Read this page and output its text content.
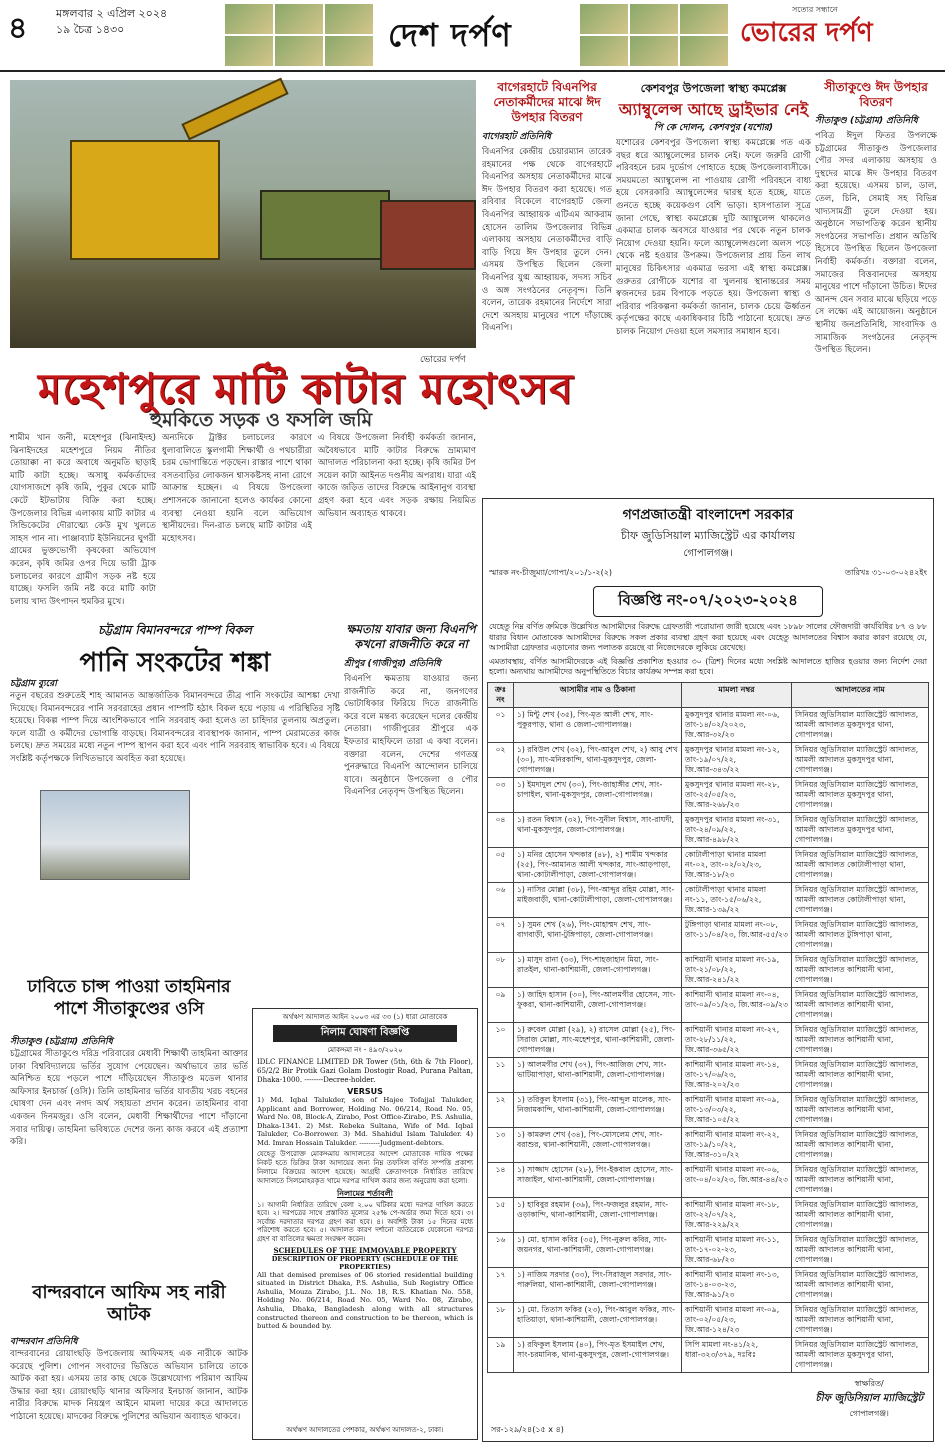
৪	মঙ্গলবার ২ এপ্রিল ২০২৪
১৯ চৈত্র ১৪৩০	দেশ দর্পণ
সত্যের সন্ধানে
ভোরের দর্পণ
ভোরের দর্পণ
বাগেরহাটে বিএনপির নেতাকর্মীদের মাঝে ঈদ উপহার বিতরণ
বাগেরহাট প্রতিনিধি
বিএনপির কেন্দ্রীয় চেয়ারম্যান তারেক রহমানের পক্ষ থেকে বাগেরহাটে বিএনপির অসহায় নেতাকর্মীদের মাঝে ঈদ উপহার বিতরণ করা হয়েছে। গত রবিবার বিকেলে বাগেরহাট জেলা বিএনপির আহ্বায়ক এটিএম আকরাম হোসেন তালিম উপজেলার বিভিন্ন এলাকায় অসহায় নেতাকর্মীদের বাড়ি বাড়ি গিয়ে ঈদ উপহার তুলে দেন। এসময় উপস্থিত ছিলেন জেলা বিএনপির যুগ্ম আহ্বায়ক, সদস্য সচিব ও অঙ্গ সংগঠনের নেতৃবৃন্দ। তিনি বলেন, তারেক রহমানের নির্দেশে সারা দেশে অসহায় মানুষের পাশে দাঁড়াচ্ছে বিএনপি।
কেশবপুর উপজেলা স্বাস্থ্য কমপ্লেক্স
অ্যাম্বুলেন্স আছে ড্রাইভার নেই
পি কে দোলন, কেশবপুর (যশোর)
যশোরের কেশবপুর উপজেলা স্বাস্থ্য কমপ্লেক্সে গত এক বছর ধরে অ্যাম্বুলেন্সের চালক নেই। ফলে জরুরি রোগী পরিবহনে চরম দুর্ভোগ পোহাতে হচ্ছে উপজেলাবাসীকে। সময়মতো অ্যাম্বুলেন্স না পাওয়ায় রোগী পরিবহনে বাধ্য হয়ে বেসরকারি অ্যাম্বুলেন্সের দ্বারস্থ হতে হচ্ছে, যাতে গুনতে হচ্ছে কয়েকগুণ বেশি ভাড়া। হাসপাতাল সূত্রে জানা গেছে, স্বাস্থ্য কমপ্লেক্সে দুটি অ্যাম্বুলেন্স থাকলেও একমাত্র চালক অবসরে যাওয়ার পর থেকে নতুন চালক নিয়োগ দেওয়া হয়নি। ফলে অ্যাম্বুলেন্সগুলো অলস পড়ে থেকে নষ্ট হওয়ার উপক্রম। উপজেলার প্রায় তিন লাখ মানুষের চিকিৎসার একমাত্র ভরসা এই স্বাস্থ্য কমপ্লেক্স। গুরুতর রোগীকে যশোর বা খুলনায় স্থানান্তরের সময় স্বজনদের চরম বিপাকে পড়তে হয়। উপজেলা স্বাস্থ্য ও পরিবার পরিকল্পনা কর্মকর্তা জানান, চালক চেয়ে ঊর্ধ্বতন কর্তৃপক্ষের কাছে একাধিকবার চিঠি পাঠানো হয়েছে। দ্রুত চালক নিয়োগ দেওয়া হলে সমস্যার সমাধান হবে।
সীতাকুণ্ডে ঈদ উপহার বিতরণ
সীতাকুণ্ড (চট্টগ্রাম) প্রতিনিধি
পবিত্র ঈদুল ফিতর উপলক্ষে চট্টগ্রামের সীতাকুণ্ড উপজেলার পৌর সদর এলাকায় অসহায় ও দুস্থদের মাঝে ঈদ উপহার বিতরণ করা হয়েছে। এসময় চাল, ডাল, তেল, চিনি, সেমাই সহ বিভিন্ন খাদ্যসামগ্রী তুলে দেওয়া হয়। অনুষ্ঠানে সভাপতিত্ব করেন স্থানীয় সংগঠনের সভাপতি। প্রধান অতিথি হিসেবে উপস্থিত ছিলেন উপজেলা নির্বাহী কর্মকর্তা। বক্তারা বলেন, সমাজের বিত্তবানদের অসহায় মানুষের পাশে দাঁড়ানো উচিত। ঈদের আনন্দ যেন সবার মাঝে ছড়িয়ে পড়ে সে লক্ষ্যে এই আয়োজন। অনুষ্ঠানে স্থানীয় জনপ্রতিনিধি, সাংবাদিক ও সামাজিক সংগঠনের নেতৃবৃন্দ উপস্থিত ছিলেন।
মহেশপুরে মাটি কাটার মহোৎসব
হুমকিতে সড়ক ও ফসলি জমি
শামীম খান জনী, মহেশপুর (ঝিনাইদহ) ঝিনাইদহের মহেশপুরে নিয়ম নীতির তোয়াক্কা না করে অবাধে অনুমতি ছাড়াই মাটি কাটা হচ্ছে। অসাধু কর্মকর্তাদের যোগসাজশে কৃষি জমি, পুকুর থেকে মাটি কেটে ইটভাটায় বিক্রি করা হচ্ছে। উপজেলার বিভিন্ন এলাকায় মাটি কাটার এ সিন্ডিকেটের দৌরাত্ম্যে কেউ মুখ খুলতে সাহস পান না। পাঞ্জাব্যাট ইউনিয়নের ঘুগরী গ্রামের ভুক্তভোগী কৃষকেরা অভিযোগ করেন, কৃষি জমির ওপর দিয়ে ভারী ট্রাক চলাচলের কারণে গ্রামীণ সড়ক নষ্ট হয়ে যাচ্ছে। ফসলি জমি নষ্ট করে মাটি কাটা চলায় খাদ্য উৎপাদন হুমকির মুখে।
অন্যদিকে ট্রাক্টর চলাচলের কারণে ধুলাবালিতে স্কুলগামী শিক্ষার্থী ও পথচারীরা চরম ভোগান্তিতে পড়ছেন। রাস্তার পাশে থাকা বসতবাড়ির লোকজন শ্বাসকষ্টসহ নানা রোগে আক্রান্ত হচ্ছেন। এ বিষয়ে উপজেলা প্রশাসনকে জানানো হলেও কার্যকর কোনো ব্যবস্থা নেওয়া হয়নি বলে অভিযোগ স্থানীয়দের। দিন-রাত চলছে মাটি কাটার এই মহোৎসব।
এ বিষয়ে উপজেলা নির্বাহী কর্মকর্তা জানান, অবৈধভাবে মাটি কাটার বিরুদ্ধে ভ্রাম্যমাণ আদালত পরিচালনা করা হচ্ছে। কৃষি জমির টপ সয়েল কাটা আইনত দণ্ডনীয় অপরাধ। যারা এই কাজে জড়িত তাদের বিরুদ্ধে আইনানুগ ব্যবস্থা গ্রহণ করা হবে এবং সড়ক রক্ষায় নিয়মিত অভিযান অব্যাহত থাকবে।
চট্টগ্রাম বিমানবন্দরে পাম্প বিকল
পানি সংকটের শঙ্কা
চট্টগ্রাম ব্যুরো
নতুন বছরের শুরুতেই শাহ আমানত আন্তর্জাতিক বিমানবন্দরে তীব্র পানি সংকটের আশঙ্কা দেখা দিয়েছে। বিমানবন্দরের পানি সরবরাহের প্রধান পাম্পটি হঠাৎ বিকল হয়ে পড়ায় এ পরিস্থিতির সৃষ্টি হয়েছে। বিকল্প পাম্প দিয়ে আংশিকভাবে পানি সরবরাহ করা হলেও তা চাহিদার তুলনায় অপ্রতুল। ফলে যাত্রী ও কর্মীদের ভোগান্তি বাড়ছে। বিমানবন্দরের ব্যবস্থাপক জানান, পাম্প মেরামতের কাজ চলছে। দ্রুত সময়ের মধ্যে নতুন পাম্প স্থাপন করা হবে এবং পানি সরবরাহ স্বাভাবিক হবে। এ বিষয়ে সংশ্লিষ্ট কর্তৃপক্ষকে লিখিতভাবে অবহিত করা হয়েছে।
ক্ষমতায় যাবার জন্য বিএনপি কখনো রাজনীতি করে না
শ্রীপুর (গাজীপুর) প্রতিনিধি
বিএনপি ক্ষমতায় যাওয়ার জন্য রাজনীতি করে না, জনগণের ভোটাধিকার ফিরিয়ে দিতে রাজনীতি করে বলে মন্তব্য করেছেন দলের কেন্দ্রীয় নেতারা। গাজীপুরের শ্রীপুরে এক ইফতার মাহফিলে তারা এ কথা বলেন। বক্তারা বলেন, দেশের গণতন্ত্র পুনরুদ্ধারে বিএনপি আন্দোলন চালিয়ে যাবে। অনুষ্ঠানে উপজেলা ও পৌর বিএনপির নেতৃবৃন্দ উপস্থিত ছিলেন।
ঢাবিতে চান্স পাওয়া তাহমিনার পাশে সীতাকুণ্ডের ওসি
সীতাকুণ্ড (চট্টগ্রাম) প্রতিনিধি
চট্টগ্রামের সীতাকুণ্ডে দরিদ্র পরিবারের মেধাবী শিক্ষার্থী তাহমিনা আক্তার ঢাকা বিশ্ববিদ্যালয়ে ভর্তির সুযোগ পেয়েছেন। অর্থাভাবে তার ভর্তি অনিশ্চিত হয়ে পড়লে পাশে দাঁড়িয়েছেন সীতাকুণ্ড মডেল থানার অফিসার ইনচার্জ (ওসি)। তিনি তাহমিনার ভর্তির যাবতীয় খরচ বহনের ঘোষণা দেন এবং নগদ অর্থ সহায়তা প্রদান করেন। তাহমিনার বাবা একজন দিনমজুর। ওসি বলেন, মেধাবী শিক্ষার্থীদের পাশে দাঁড়ানো সবার দায়িত্ব। তাহমিনা ভবিষ্যতে দেশের জন্য কাজ করবে এই প্রত্যাশা করি।
বান্দরবানে আফিম সহ নারী আটক
বান্দরবান প্রতিনিধি
বান্দরবানের রোয়াংছড়ি উপজেলায় আফিমসহ এক নারীকে আটক করেছে পুলিশ। গোপন সংবাদের ভিত্তিতে অভিযান চালিয়ে তাকে আটক করা হয়। এসময় তার কাছ থেকে উল্লেখযোগ্য পরিমাণ আফিম উদ্ধার করা হয়। রোয়াংছড়ি থানার অফিসার ইনচার্জ জানান, আটক নারীর বিরুদ্ধে মাদক নিয়ন্ত্রণ আইনে মামলা দায়ের করে আদালতে পাঠানো হয়েছে। মাদকের বিরুদ্ধে পুলিশের অভিযান অব্যাহত থাকবে।
অর্থঋণ আদালত আইন ২০০৩ এর ৩৩ (১) ধারা মোতাবেক
নিলাম ঘোষণা বিজ্ঞপ্তি
মোকদ্দমা নং - ৪৯৩/২০২০
IDLC FINANCE LIMITED DR Tower (5th, 6th & 7th Floor), 65/2/2 Bir Protik Gazi Golam Dostogir Road, Purana Paltan, Dhaka-1000. --------Decree-holder.
VERSUS
1) Md. Iqbal Talukder, son of Hajee Tofajjal Talukder, Applicant and Borrower, Holding No. 06/214, Road No. 05, Ward No. 08, Block-A, Zirabo, Post Office-Zirabo, P.S. Ashulia, Dhaka-1341. 2) Mst. Rebeka Sultana, Wife of Md. Iqbal Talukder, Co-Borrower. 3) Md. Shahidul Islam Talukder. 4) Md. Imran Hossain Talukder. ---------Judgment-debtors.
যেহেতু উপরোক্ত মোকদ্দমায় আদালতের আদেশ মোতাবেক দায়িক পক্ষের নিকট হতে ডিক্রির টাকা আদায়ের জন্য নিম্ন তফসিল বর্ণিত সম্পত্তি প্রকাশ্য নিলামে বিক্রয়ের আদেশ হয়েছে। আগ্রহী ক্রেতাগণকে নির্ধারিত তারিখে আদালতে সিলমোহরকৃত খামে দরপত্র দাখিল করার জন্য অনুরোধ করা হলো।
নিলামের শর্তাবলী
১। আগামী নির্ধারিত তারিখে বেলা ২.০০ ঘটিকার মধ্যে দরপত্র দাখিল করতে হবে। ২। দরপত্রের সাথে প্রস্তাবিত মূল্যের ২৫% পে-অর্ডার জমা দিতে হবে। ৩। সর্বোচ্চ দরদাতার দরপত্র গ্রহণ করা হবে। ৪। অবশিষ্ট টাকা ১৫ দিনের মধ্যে পরিশোধ করতে হবে। ৫। আদালত কারণ দর্শানো ব্যতিরেকে যেকোনো দরপত্র গ্রহণ বা বাতিলের ক্ষমতা সংরক্ষণ করেন।
SCHEDULES OF THE IMMOVABLE PROPERTY
DESCRIPTION OF PROPERTY (SCHEDULE OF THE PROPERTIES)
All that demised premises of 06 storied residential building situated in District Dhaka, P.S. Ashulia, Sub Registry Office Ashulia, Mouza Zirabo, J.L. No. 18, R.S. Khatian No. 558, Holding No. 06/214, Road No. 05, Ward No. 08, Zirabo, Ashulia, Dhaka, Bangladesh along with all structures constructed thereon and construction to be thereon, which is butted & bounded by.
অর্থঋণ আদালতের পেশকার, অর্থঋণ আদালত-২, ঢাকা।
গণপ্রজাতন্ত্রী বাংলাদেশ সরকার
চীফ জুডিসিয়াল ম্যাজিস্ট্রেট এর কার্যালয়
গোপালগঞ্জ।
স্মারক নং-চীজুম্যা/গোপা/২০১/১-২(২)	তারিখঃ ৩১-০৩-০২৪২ইং
বিজ্ঞপ্তি নং-০৭/২০২৩-২০২৪
যেহেতু নিম্ন বর্ণিত ক্রমিকে উল্লেখিত আসামীদের বিরুদ্ধে গ্রেফতারী পরোয়ানা জারী হয়েছে এবং ১৮৯৮ সালের ফৌজদারী কার্যবিধির ৮৭ ও ৮৮ ধারার বিধান মোতাবেক আসামীদের বিরুদ্ধে সকল প্রকার ব্যবস্থা গ্রহণ করা হয়েছে এবং যেহেতু আদালতের বিশ্বাস করার কারণ রয়েছে যে, আসামীরা গ্রেফতার এড়ানোর জন্য পলাতক রয়েছে বা নিজেদেরকে লুকিয়ে রেখেছে।
এমতাবস্থায়, বর্ণিত আসামীদেরকে এই বিজ্ঞপ্তি প্রকাশিত হওয়ার ৩০ (ত্রিশ) দিনের মধ্যে সংশ্লিষ্ট আদালতে হাজির হওয়ার জন্য নির্দেশ দেয়া হলো। অন্যথায় আসামীদের অনুপস্থিতিতে বিচার কার্যক্রম সম্পন্ন করা হবে।
ক্রঃ নং	আসামীর নাম ও ঠিকানা	মামলা নম্বর	আদালতের নাম
০১	১) মিন্টু শেখ (৩৫), পিং-মৃত আলী শেখ, সাং-পুকুরপাড়, থানা ও জেলা-গোপালগঞ্জ।	মুকসুদপুর থানার মামলা নং-০৬, তাং-১৪/০২/২০২৩, জি.আর-৩২/২৩	সিনিয়র জুডিসিয়াল ম্যাজিস্ট্রেট আদালত, আমলী আদালত মুকসুদপুর থানা, গোপালগঞ্জ।
০২	১) রবিউল শেখ (৩২), পিং-আবুল শেখ, ২) আবু শেখ (৩০), সাং-মনিরকান্দি, থানা-মুকসুদপুর, জেলা-গোপালগঞ্জ।	মুকসুদপুর থানার মামলা নং-১২, তাং-১৯/০৭/২২, জি.আর-৩৪৩/২২	সিনিয়র জুডিসিয়াল ম্যাজিস্ট্রেট আদালত, আমলী আদালত মুকসুদপুর থানা, গোপালগঞ্জ।
০৩	১) ইমদাদুল শেখ (৩০), পিং-জাহাঙ্গীর শেখ, সাং-চাপাইল, থানা-মুকসুদপুর, জেলা-গোপালগঞ্জ।	মুকসুদপুর থানার মামলা নং-২৮, তাং-২৫/০৫/২৩, জি.আর-২৬৮/২৩	সিনিয়র জুডিসিয়াল ম্যাজিস্ট্রেট আদালত, আমলী আদালত মুকসুদপুর থানা, গোপালগঞ্জ।
০৪	১) রতন বিশ্বাস (৩২), পিং-সুনীল বিশ্বাস, সাং-রাঘদী, থানা-মুকসুদপুর, জেলা-গোপালগঞ্জ।	মুকসুদপুর থানার মামলা নং-৩১, তাং-২৪/০৯/২২, জি.আর-৪৯৮/২২	সিনিয়র জুডিসিয়াল ম্যাজিস্ট্রেট আদালত, আমলী আদালত মুকসুদপুর থানা, গোপালগঞ্জ।
০৫	১) মনির হোসেন খন্দকার (৪৮), ২) শামীম খন্দকার (২৫), পিং-আমানত আলী খন্দকার, সাং-আড়পাড়া, থানা-কোটালীপাড়া, জেলা-গোপালগঞ্জ।	কোটালীপাড়া থানার মামলা নং-০২, তাং-০২/০২/২৩, জি.আর-১৮/২৩	সিনিয়র জুডিসিয়াল ম্যাজিস্ট্রেট আদালত, আমলী আদালত কোটালীপাড়া থানা, গোপালগঞ্জ।
০৬	১) নাসির মোল্লা (৩৮), পিং-আব্দুর রহিম মোল্লা, সাং-মাইজবাড়ী, থানা-কোটালীপাড়া, জেলা-গোপালগঞ্জ।	কোটালীপাড়া থানার মামলা নং-১১, তাং-১৫/০৬/২২, জি.আর-১৩৯/২২	সিনিয়র জুডিসিয়াল ম্যাজিস্ট্রেট আদালত, আমলী আদালত কোটালীপাড়া থানা, গোপালগঞ্জ।
০৭	১) সুমন শেখ (২৬), পিং-মোহাম্মদ শেখ, সাং-বাগবাড়ী, থানা-টুঙ্গিপাড়া, জেলা-গোপালগঞ্জ।	টুঙ্গিপাড়া থানার মামলা নং-০৮, তাং-১১/০৪/২৩, জি.আর-৫৫/২৩	সিনিয়র জুডিসিয়াল ম্যাজিস্ট্রেট আদালত, আমলী আদালত টুঙ্গিপাড়া থানা, গোপালগঞ্জ।
০৮	১) মাসুদ রানা (৩৩), পিং-শাহজাহান মিয়া, সাং-রাতইল, থানা-কাশিয়ানী, জেলা-গোপালগঞ্জ।	কাশিয়ানী থানার মামলা নং-১৯, তাং-২১/০৮/২২, জি.আর-২৪১/২২	সিনিয়র জুডিসিয়াল ম্যাজিস্ট্রেট আদালত, আমলী আদালত কাশিয়ানী থানা, গোপালগঞ্জ।
০৯	১) জাহিদ হাসান (৩০), পিং-আলমগীর হোসেন, সাং-ফুকরা, থানা-কাশিয়ানী, জেলা-গোপালগঞ্জ।	কাশিয়ানী থানার মামলা নং-০৪, তাং-০৯/০১/২৩, জি.আর-০৯/২৩	সিনিয়র জুডিসিয়াল ম্যাজিস্ট্রেট আদালত, আমলী আদালত কাশিয়ানী থানা, গোপালগঞ্জ।
১০	১) রুবেল মোল্লা (২৯), ২) রাসেল মোল্লা (২৫), পিং-সিরাজ মোল্লা, সাং-মহেশপুর, থানা-কাশিয়ানী, জেলা-গোপালগঞ্জ।	কাশিয়ানী থানার মামলা নং-২৭, তাং-২৮/১১/২২, জি.আর-৩৬৫/২২	সিনিয়র জুডিসিয়াল ম্যাজিস্ট্রেট আদালত, আমলী আদালত কাশিয়ানী থানা, গোপালগঞ্জ।
১১	১) আলমগীর শেখ (৩৭), পিং-আজিজ শেখ, সাং-ভাটিয়াপাড়া, থানা-কাশিয়ানী, জেলা-গোপালগঞ্জ।	কাশিয়ানী থানার মামলা নং-১৪, তাং-১৭/০৬/২৩, জি.আর-২০২/২৩	সিনিয়র জুডিসিয়াল ম্যাজিস্ট্রেট আদালত, আমলী আদালত কাশিয়ানী থানা, গোপালগঞ্জ।
১২	১) তরিকুল ইসলাম (৩১), পিং-আব্দুল মালেক, সাং-নিজামকান্দি, থানা-কাশিয়ানী, জেলা-গোপালগঞ্জ।	কাশিয়ানী থানার মামলা নং-০৯, তাং-১৩/০৩/২২, জি.আর-১০৫/২২	সিনিয়র জুডিসিয়াল ম্যাজিস্ট্রেট আদালত, আমলী আদালত কাশিয়ানী থানা, গোপালগঞ্জ।
১৩	১) কামরুল শেখ (৩৪), পিং-মোসলেম শেখ, সাং-বরাশুর, থানা-কাশিয়ানী, জেলা-গোপালগঞ্জ।	কাশিয়ানী থানার মামলা নং-২২, তাং-১৯/১০/২২, জি.আর-৩১০/২২	সিনিয়র জুডিসিয়াল ম্যাজিস্ট্রেট আদালত, আমলী আদালত কাশিয়ানী থানা, গোপালগঞ্জ।
১৪	১) সাজ্জাদ হোসেন (২৮), পিং-ইকবাল হোসেন, সাং-সাজাইল, থানা-কাশিয়ানী, জেলা-গোপালগঞ্জ।	কাশিয়ানী থানার মামলা নং-০৬, তাং-০৪/০২/২৩, জি.আর-৪৪/২৩	সিনিয়র জুডিসিয়াল ম্যাজিস্ট্রেট আদালত, আমলী আদালত কাশিয়ানী থানা, গোপালগঞ্জ।
১৫	১) হাবিবুর রহমান (৩৬), পিং-ফজলুর রহমান, সাং-ওড়াকান্দি, থানা-কাশিয়ানী, জেলা-গোপালগঞ্জ।	কাশিয়ানী থানার মামলা নং-১৮, তাং-২২/০৭/২২, জি.আর-২২৯/২২	সিনিয়র জুডিসিয়াল ম্যাজিস্ট্রেট আদালত, আমলী আদালত কাশিয়ানী থানা, গোপালগঞ্জ।
১৬	১) মো. হাসান কবির (৩৫), পিং-নুরুল কবির, সাং-জয়নগর, থানা-কাশিয়ানী, জেলা-গোপালগঞ্জ।	কাশিয়ানী থানার মামলা নং-১১, তাং-১৭-০২-২৩, জি.আর-৬৮/২৩	সিনিয়র জুডিসিয়াল ম্যাজিস্ট্রেট আদালত, আমলী আদালত কাশিয়ানী থানা, গোপালগঞ্জ।
১৭	১) নাজিম সরদার (৩৩), পিং-সিরাজুল সরদার, সাং-পারুলিয়া, থানা-কাশিয়ানী, জেলা-গোপালগঞ্জ।	কাশিয়ানী থানার মামলা নং-১৩, তাং-১৪-০৩-২৩, জি.আর-৯১/২৩	সিনিয়র জুডিসিয়াল ম্যাজিস্ট্রেট আদালত, আমলী আদালত কাশিয়ানী থানা, গোপালগঞ্জ।
১৮	১) মো. তিতাস ফকির (২৩), পিং-আবুল ফকির, সাং-হাতিয়াড়া, থানা-কাশিয়ানী, জেলা-গোপালগঞ্জ।	কাশিয়ানী থানার মামলা নং-০৯, তাং-০২/০৫/২৩, জি.আর-১২৪/২৩	সিনিয়র জুডিসিয়াল ম্যাজিস্ট্রেট আদালত, আমলী আদালত কাশিয়ানী থানা, গোপালগঞ্জ।
১৯	১) রফিকুল ইসলাম (৪০), পিং-মৃত ইসমাইল শেখ, সাং-চরমানিক, থানা-মুকসুদপুর, জেলা-গোপালগঞ্জ।	সিপি মামলা নং-৪১/২২, ধারা-৩২৩/৩৭৯, দঃবিঃ	সিনিয়র জুডিসিয়াল ম্যাজিস্ট্রেট আদালত, আমলী আদালত মুকসুদপুর থানা, গোপালগঞ্জ।
স্বাক্ষরিত/
চীফ জুডিসিয়াল ম্যাজিস্ট্রেট
গোপালগঞ্জ।
সর-১২৯/২৪(১৫ x ৪)
